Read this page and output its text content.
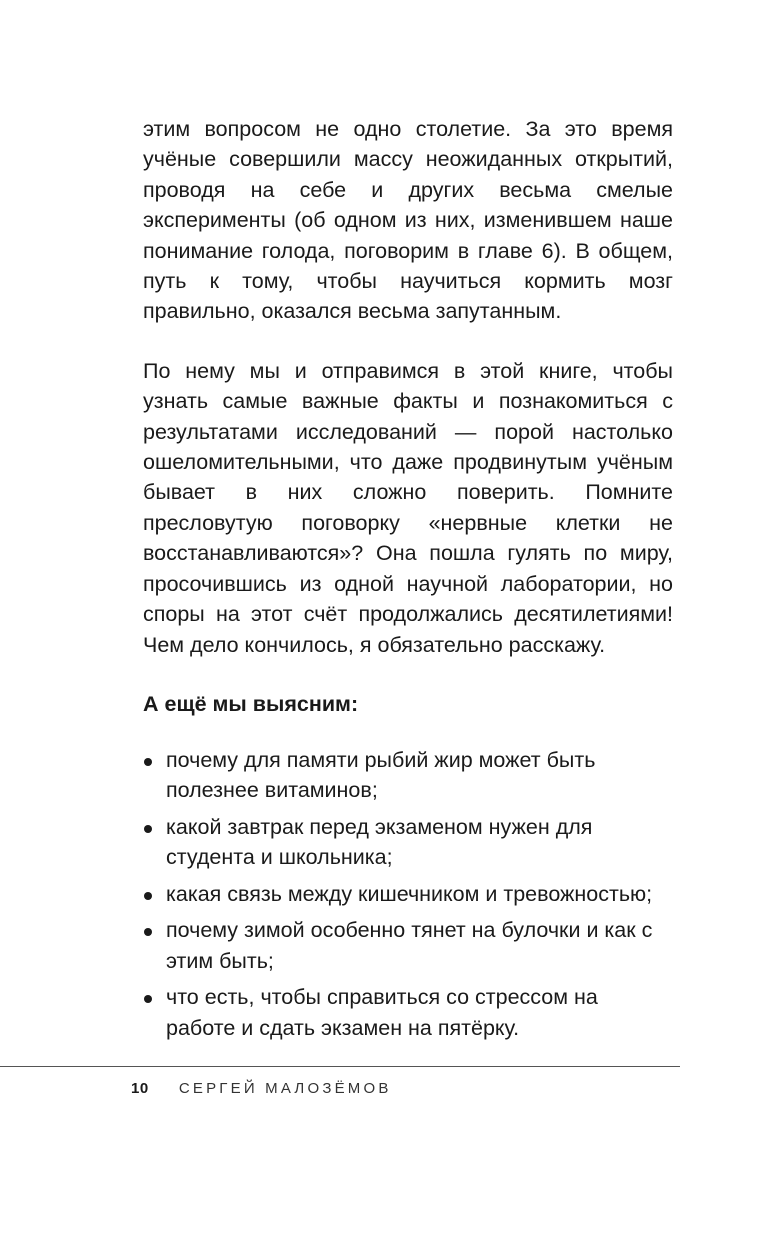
этим вопросом не одно столетие. За это время учёные совершили массу неожиданных открытий, проводя на себе и других весьма смелые эксперименты (об одном из них, изменившем наше понимание голода, поговорим в главе 6). В общем, путь к тому, чтобы научиться кормить мозг правильно, оказался весьма запутанным.

По нему мы и отправимся в этой книге, чтобы узнать самые важные факты и познакомиться с результатами исследований — порой настолько ошеломительными, что даже продвинутым учёным бывает в них сложно поверить. Помните пресловутую поговорку «нервные клетки не восстанавливаются»? Она пошла гулять по миру, просочившись из одной научной лаборатории, но споры на этот счёт продолжались десятилетиями! Чем дело кончилось, я обязательно расскажу.

А ещё мы выясним:
почему для памяти рыбий жир может быть полезнее витаминов;
какой завтрак перед экзаменом нужен для студента и школьника;
какая связь между кишечником и тревожностью;
почему зимой особенно тянет на булочки и как с этим быть;
что есть, чтобы справиться со стрессом на работе и сдать экзамен на пятёрку.
10 СЕРГЕЙ МАЛОЗЁМОВ
